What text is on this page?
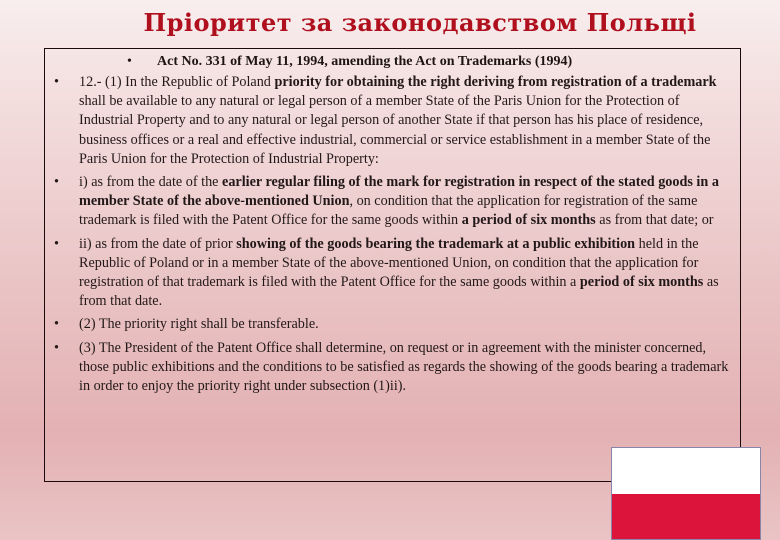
Пріоритет за законодавством Польщі
• Act No. 331 of May 11, 1994, amending the Act on Trademarks (1994)
• 12.- (1) In the Republic of Poland priority for obtaining the right deriving from registration of a trademark shall be available to any natural or legal person of a member State of the Paris Union for the Protection of Industrial Property and to any natural or legal person of another State if that person has his place of residence, business offices or a real and effective industrial, commercial or service establishment in a member State of the Paris Union for the Protection of Industrial Property:
• i) as from the date of the earlier regular filing of the mark for registration in respect of the stated goods in a member State of the above-mentioned Union, on condition that the application for registration of the same trademark is filed with the Patent Office for the same goods within a period of six months as from that date; or
• ii) as from the date of prior showing of the goods bearing the trademark at a public exhibition held in the Republic of Poland or in a member State of the above-mentioned Union, on condition that the application for registration of that trademark is filed with the Patent Office for the same goods within a period of six months as from that date.
• (2) The priority right shall be transferable.
• (3) The President of the Patent Office shall determine, on request or in agreement with the minister concerned, those public exhibitions and the conditions to be satisfied as regards the showing of the goods bearing a trademark in order to enjoy the priority right under subsection (1)ii).
